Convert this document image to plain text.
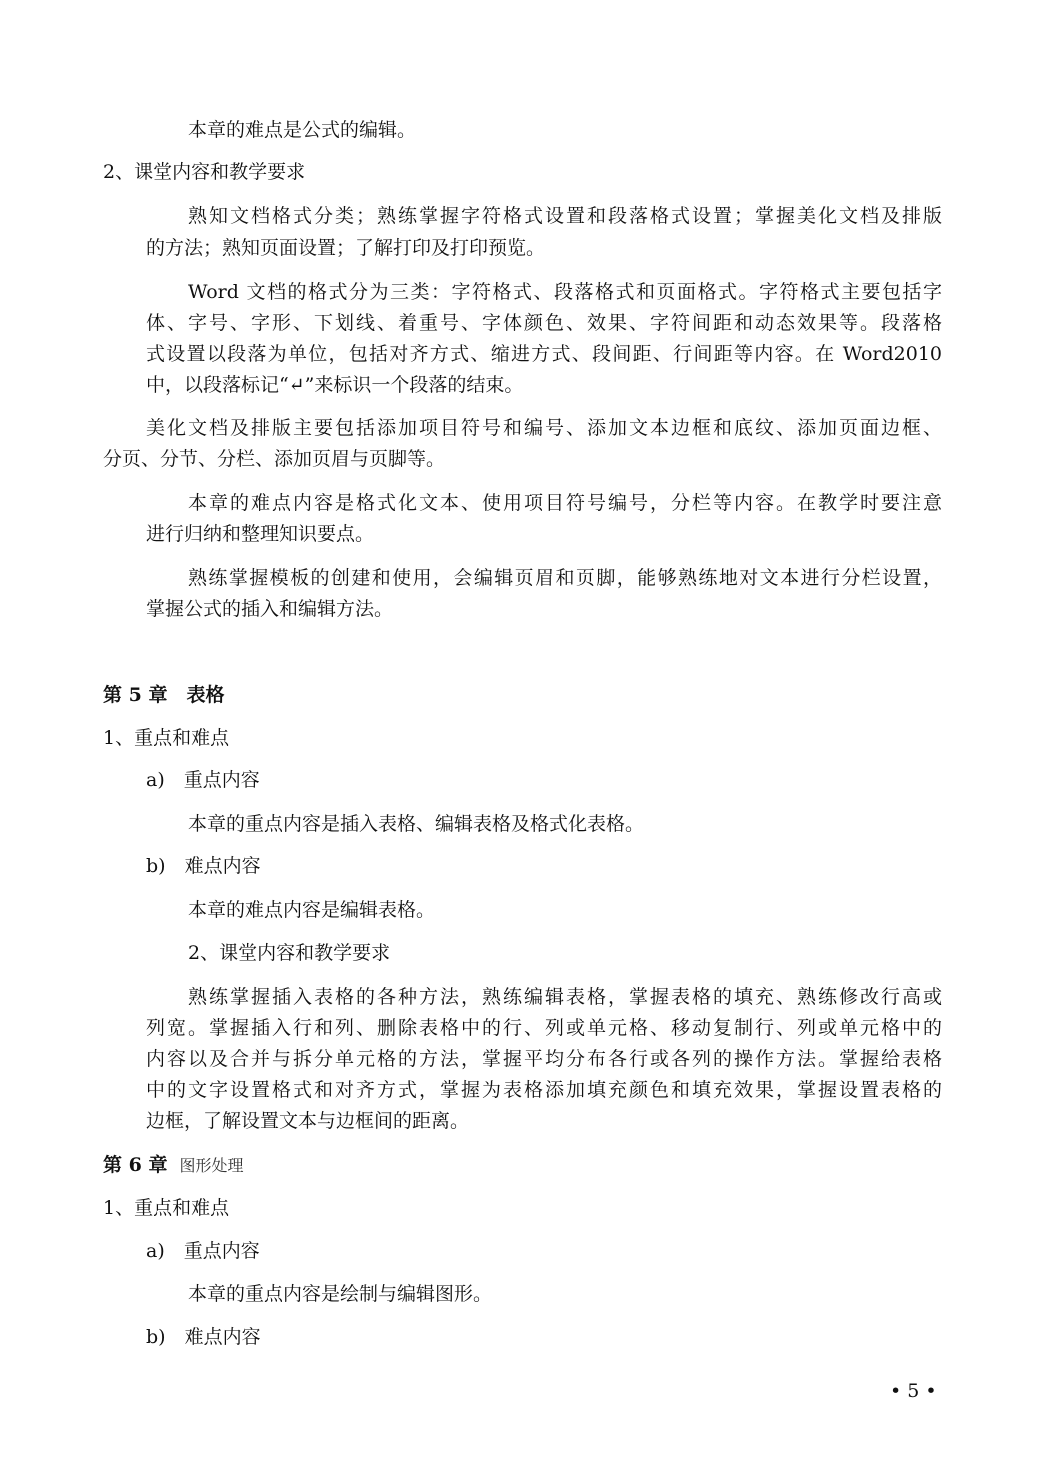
本章的难点是公式的编辑。
2、课堂内容和教学要求
熟知文档格式分类；熟练掌握字符格式设置和段落格式设置；掌握美化文档及排版
的方法；熟知页面设置；了解打印及打印预览。
Word 文档的格式分为三类：字符格式、段落格式和页面格式。字符格式主要包括字
体、字号、字形、下划线、着重号、字体颜色、效果、字符间距和动态效果等。段落格
式设置以段落为单位，包括对齐方式、缩进方式、段间距、行间距等内容。在 Word2010
中，以段落标记“↵”来标识一个段落的结束。
美化文档及排版主要包括添加项目符号和编号、添加文本边框和底纹、添加页面边框、
分页、分节、分栏、添加页眉与页脚等。
本章的难点内容是格式化文本、使用项目符号编号，分栏等内容。在教学时要注意
进行归纳和整理知识要点。
熟练掌握模板的创建和使用，会编辑页眉和页脚，能够熟练地对文本进行分栏设置，
掌握公式的插入和编辑方法。
第 5 章　表格
1、重点和难点
a)　重点内容
本章的重点内容是插入表格、编辑表格及格式化表格。
b)　难点内容
本章的难点内容是编辑表格。
2、课堂内容和教学要求
熟练掌握插入表格的各种方法，熟练编辑表格，掌握表格的填充、熟练修改行高或
列宽。掌握插入行和列、删除表格中的行、列或单元格、移动复制行、列或单元格中的
内容以及合并与拆分单元格的方法，掌握平均分布各行或各列的操作方法。掌握给表格
中的文字设置格式和对齐方式，掌握为表格添加填充颜色和填充效果，掌握设置表格的
边框，了解设置文本与边框间的距离。
第 6 章 图形处理
1、重点和难点
a)　重点内容
本章的重点内容是绘制与编辑图形。
b)　难点内容
• 5 •
